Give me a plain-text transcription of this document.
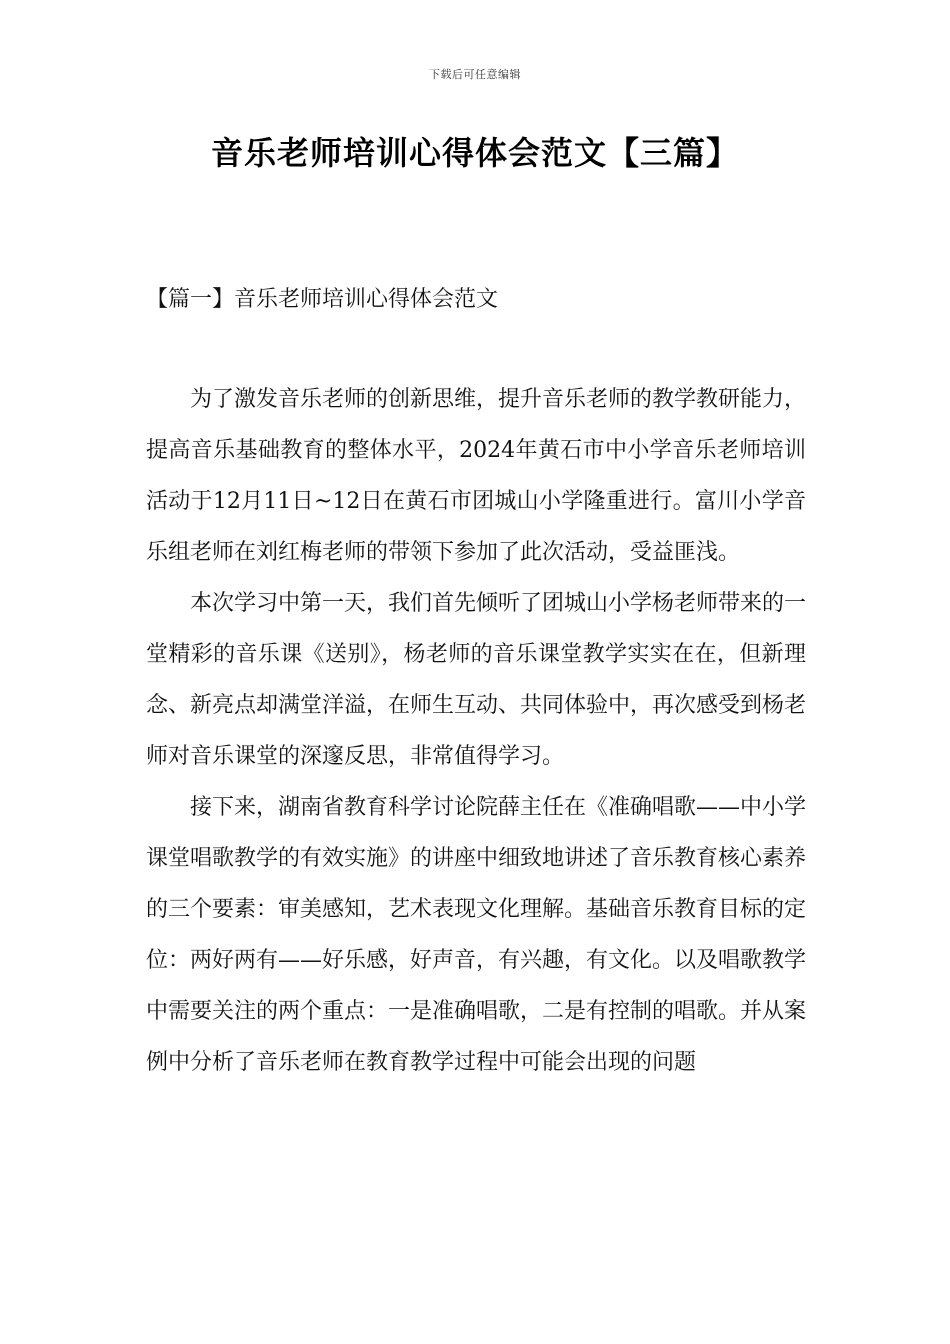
下载后可任意编辑
音乐老师培训心得体会范文【三篇】
【篇一】音乐老师培训心得体会范文

为了激发音乐老师的创新思维，提升音乐老师的教学教研能力，提高音乐基础教育的整体水平，2024年黄石市中小学音乐老师培训活动于12月11日~12日在黄石市团城山小学隆重进行。富川小学音乐组老师在刘红梅老师的带领下参加了此次活动，受益匪浅。

本次学习中第一天，我们首先倾听了团城山小学杨老师带来的一堂精彩的音乐课《送别》，杨老师的音乐课堂教学实实在在，但新理念、新亮点却满堂洋溢，在师生互动、共同体验中，再次感受到杨老师对音乐课堂的深邃反思，非常值得学习。

接下来，湖南省教育科学讨论院薛主任在《准确唱歌——中小学课堂唱歌教学的有效实施》的讲座中细致地讲述了音乐教育核心素养的三个要素：审美感知，艺术表现文化理解。基础音乐教育目标的定位：两好两有——好乐感，好声音，有兴趣，有文化。以及唱歌教学中需要关注的两个重点：一是准确唱歌，二是有控制的唱歌。并从案例中分析了音乐老师在教育教学过程中可能会出现的问题
